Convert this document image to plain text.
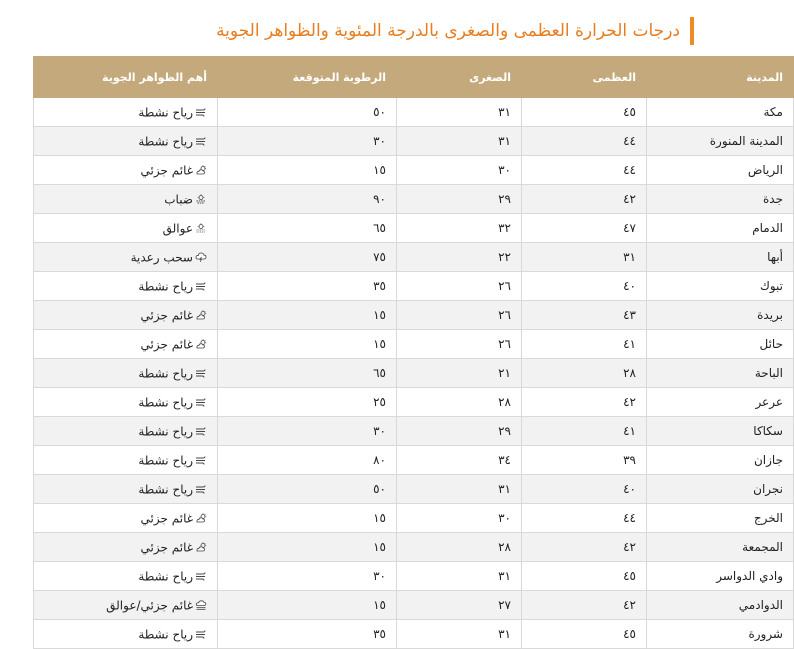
درجات الحرارة العظمى والصغرى بالدرجة المئوية والظواهر الجوية
المدينة	العظمى	الصغرى	الرطوبة المتوقعة	أهم الظواهر الجوية
مكة	٤٥	٣١	٥٠	رياح نشطة
المدينة المنورة	٤٤	٣١	٣٠	رياح نشطة
الرياض	٤٤	٣٠	١٥	غائم جزئي
جدة	٤٢	٢٩	٩٠	ضباب
الدمام	٤٧	٣٢	٦٥	عوالق
أبها	٣١	٢٢	٧٥	سحب رعدية
تبوك	٤٠	٢٦	٣٥	رياح نشطة
بريدة	٤٣	٢٦	١٥	غائم جزئي
حائل	٤١	٢٦	١٥	غائم جزئي
الباحة	٢٨	٢١	٦٥	رياح نشطة
عرعر	٤٢	٢٨	٢٥	رياح نشطة
سكاكا	٤١	٢٩	٣٠	رياح نشطة
جازان	٣٩	٣٤	٨٠	رياح نشطة
نجران	٤٠	٣١	٥٠	رياح نشطة
الخرج	٤٤	٣٠	١٥	غائم جزئي
المجمعة	٤٢	٢٨	١٥	غائم جزئي
وادي الدواسر	٤٥	٣١	٣٠	رياح نشطة
الدوادمي	٤٢	٢٧	١٥	غائم جزئي/عوالق
شرورة	٤٥	٣١	٣٥	رياح نشطة
